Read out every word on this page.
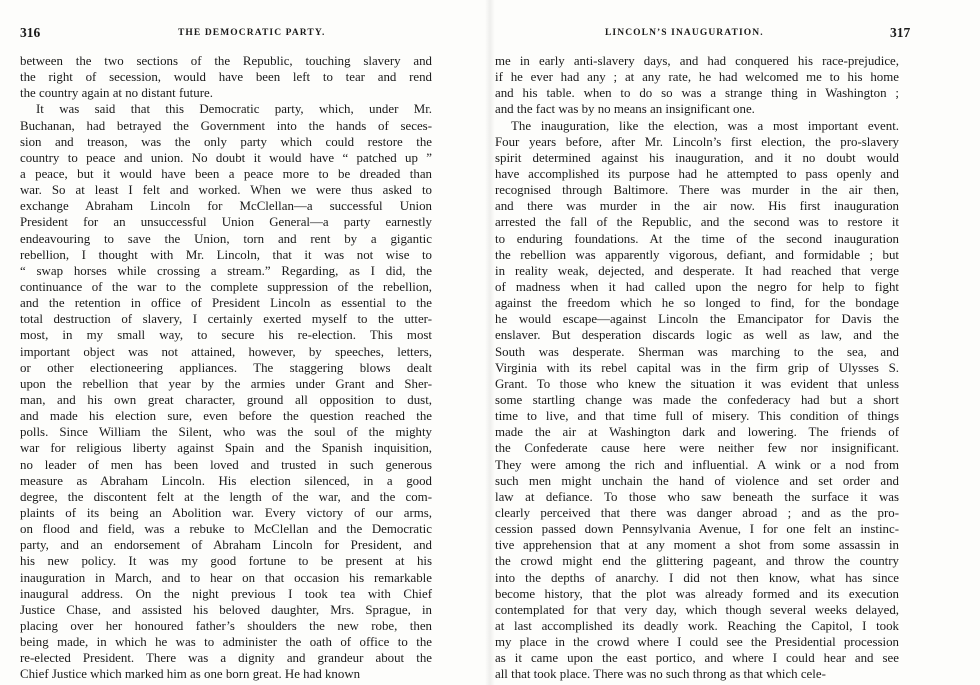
316	THE DEMOCRATIC PARTY.
between the two sections of the Republic, touching slavery and
the right of secession, would have been left to tear and rend
the country again at no distant future.
It was said that this Democratic party, which, under Mr.
Buchanan, had betrayed the Government into the hands of seces-
sion and treason, was the only party which could restore the
country to peace and union. No doubt it would have “ patched up ”
a peace, but it would have been a peace more to be dreaded than
war. So at least I felt and worked. When we were thus asked to
exchange Abraham Lincoln for McClellan—a successful Union
President for an unsuccessful Union General—a party earnestly
endeavouring to save the Union, torn and rent by a gigantic
rebellion, I thought with Mr. Lincoln, that it was not wise to
“ swap horses while crossing a stream.” Regarding, as I did, the
continuance of the war to the complete suppression of the rebellion,
and the retention in office of President Lincoln as essential to the
total destruction of slavery, I certainly exerted myself to the utter-
most, in my small way, to secure his re-election. This most
important object was not attained, however, by speeches, letters,
or other electioneering appliances. The staggering blows dealt
upon the rebellion that year by the armies under Grant and Sher-
man, and his own great character, ground all opposition to dust,
and made his election sure, even before the question reached the
polls. Since William the Silent, who was the soul of the mighty
war for religious liberty against Spain and the Spanish inquisition,
no leader of men has been loved and trusted in such generous
measure as Abraham Lincoln. His election silenced, in a good
degree, the discontent felt at the length of the war, and the com-
plaints of its being an Abolition war. Every victory of our arms,
on flood and field, was a rebuke to McClellan and the Democratic
party, and an endorsement of Abraham Lincoln for President, and
his new policy. It was my good fortune to be present at his
inauguration in March, and to hear on that occasion his remarkable
inaugural address. On the night previous I took tea with Chief
Justice Chase, and assisted his beloved daughter, Mrs. Sprague, in
placing over her honoured father’s shoulders the new robe, then
being made, in which he was to administer the oath of office to the
re-elected President. There was a dignity and grandeur about the
Chief Justice which marked him as one born great. He had known
LINCOLN’S INAUGURATION.	317
me in early anti-slavery days, and had conquered his race-prejudice,
if he ever had any ; at any rate, he had welcomed me to his home
and his table. when to do so was a strange thing in Washington ;
and the fact was by no means an insignificant one.
The inauguration, like the election, was a most important event.
Four years before, after Mr. Lincoln’s first election, the pro-slavery
spirit determined against his inauguration, and it no doubt would
have accomplished its purpose had he attempted to pass openly and
recognised through Baltimore. There was murder in the air then,
and there was murder in the air now. His first inauguration
arrested the fall of the Republic, and the second was to restore it
to enduring foundations. At the time of the second inauguration
the rebellion was apparently vigorous, defiant, and formidable ; but
in reality weak, dejected, and desperate. It had reached that verge
of madness when it had called upon the negro for help to fight
against the freedom which he so longed to find, for the bondage
he would escape—against Lincoln the Emancipator for Davis the
enslaver. But desperation discards logic as well as law, and the
South was desperate. Sherman was marching to the sea, and
Virginia with its rebel capital was in the firm grip of Ulysses S.
Grant. To those who knew the situation it was evident that unless
some startling change was made the confederacy had but a short
time to live, and that time full of misery. This condition of things
made the air at Washington dark and lowering. The friends of
the Confederate cause here were neither few nor insignificant.
They were among the rich and influential. A wink or a nod from
such men might unchain the hand of violence and set order and
law at defiance. To those who saw beneath the surface it was
clearly perceived that there was danger abroad ; and as the pro-
cession passed down Pennsylvania Avenue, I for one felt an instinc-
tive apprehension that at any moment a shot from some assassin in
the crowd might end the glittering pageant, and throw the country
into the depths of anarchy. I did not then know, what has since
become history, that the plot was already formed and its execution
contemplated for that very day, which though several weeks delayed,
at last accomplished its deadly work. Reaching the Capitol, I took
my place in the crowd where I could see the Presidential procession
as it came upon the east portico, and where I could hear and see
all that took place. There was no such throng as that which cele-
